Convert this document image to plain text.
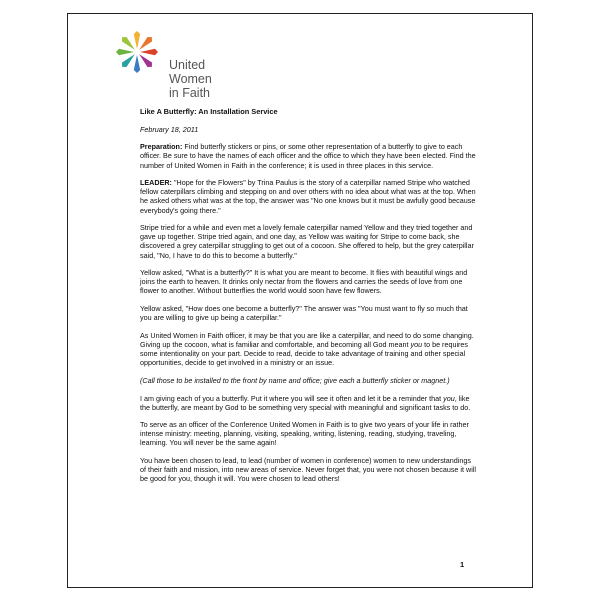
United
Women
in Faith

Like A Butterfly: An Installation Service

February 18, 2011

Preparation: Find butterfly stickers or pins, or some other representation of a butterfly to give to each officer. Be sure to have the names of each officer and the office to which they have been elected. Find the number of United Women in Faith in the conference; it is used in three places in this service.

LEADER: "Hope for the Flowers" by Trina Paulus is the story of a caterpillar named Stripe who watched fellow caterpillars climbing and stepping on and over others with no idea about what was at the top. When he asked others what was at the top, the answer was "No one knows but it must be awfully good because everybody's going there."

Stripe tried for a while and even met a lovely female caterpillar named Yellow and they tried together and gave up together. Stripe tried again, and one day, as Yellow was waiting for Stripe to come back, she discovered a grey caterpillar struggling to get out of a cocoon. She offered to help, but the grey caterpillar said, "No, I have to do this to become a butterfly."

Yellow asked, "What is a butterfly?" It is what you are meant to become. It flies with beautiful wings and joins the earth to heaven. It drinks only nectar from the flowers and carries the seeds of love from one flower to another. Without butterflies the world would soon have few flowers.

Yellow asked, "How does one become a butterfly?" The answer was "You must want to fly so much that you are willing to give up being a caterpillar."

As United Women in Faith officer, it may be that you are like a caterpillar, and need to do some changing. Giving up the cocoon, what is familiar and comfortable, and becoming all God meant you to be requires some intentionality on your part. Decide to read, decide to take advantage of training and other special opportunities, decide to get involved in a ministry or an issue.

(Call those to be installed to the front by name and office; give each a butterfly sticker or magnet.)

I am giving each of you a butterfly. Put it where you will see it often and let it be a reminder that you, like the butterfly, are meant by God to be something very special with meaningful and significant tasks to do.

To serve as an officer of the Conference United Women in Faith is to give two years of your life in rather intense ministry: meeting, planning, visiting, speaking, writing, listening, reading, studying, traveling, learning. You will never be the same again!

You have been chosen to lead, to lead (number of women in conference) women to new understandings of their faith and mission, into new areas of service. Never forget that, you were not chosen because it will be good for you, though it will. You were chosen to lead others!

1
